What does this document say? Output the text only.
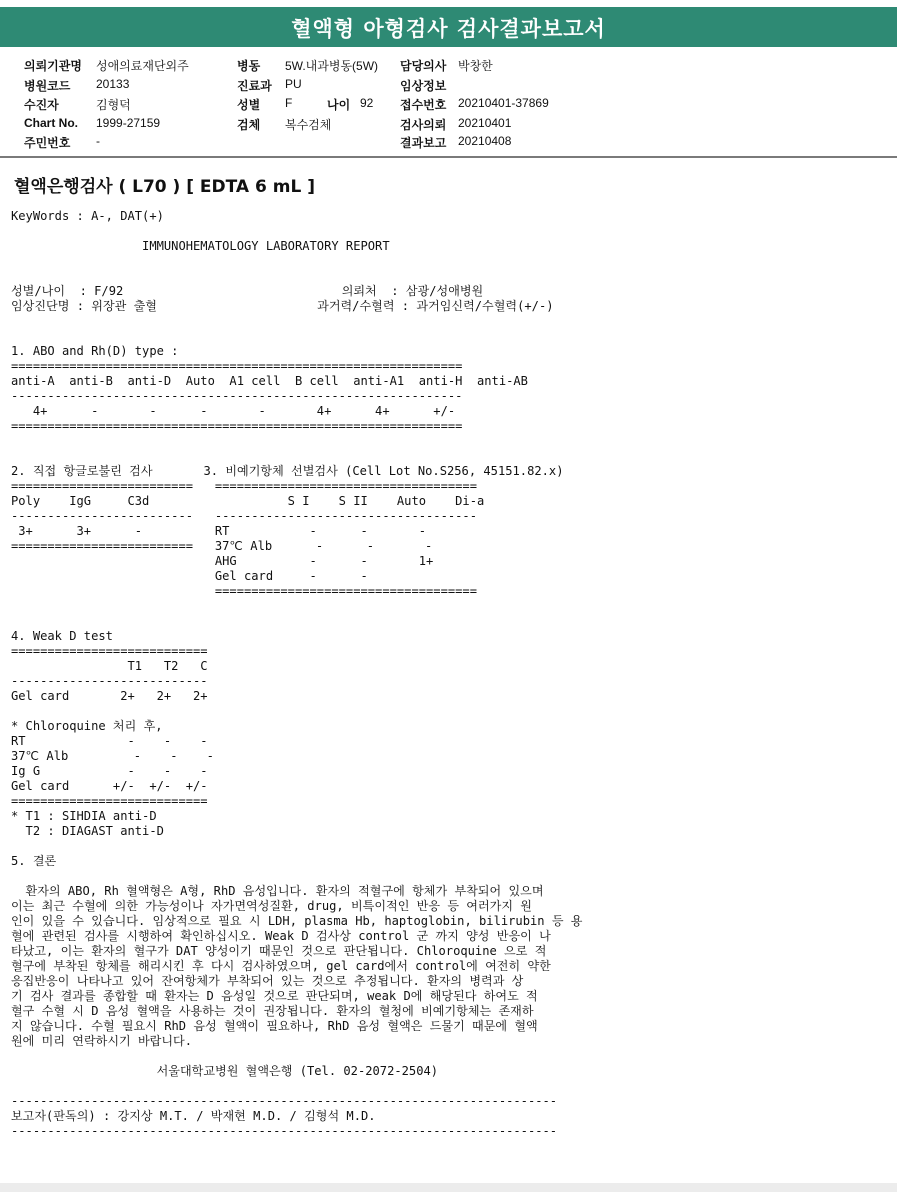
혈액형 아형검사 검사결과보고서
의뢰기관명 성애의료재단외주
병원코드 20133
수진자	김형덕
Chart No. 1999-27159
주민번호 -
병동 5W.내과병동(5W)
진료과 PU
성별 F	나이 92
검체 복수검체
담당의사 박창한
임상정보
접수번호 20210401-37869
검사의뢰 20210401
결과보고 20210408
혈액은행검사 ( L70 ) [ EDTA 6 mL ]
KeyWords : A-, DAT(+)

IMMUNOHEMATOLOGY LABORATORY REPORT

성별/나이  : F/92                              의뢰처  : 삼광/성애병원
임상진단명 : 위장관 출혈                      과거력/수혈력 : 과거임신력/수혈력(+/-)

1. ABO and Rh(D) type :
==============================================================
anti-A  anti-B  anti-D  Auto  A1 cell  B cell  anti-A1  anti-H  anti-AB
--------------------------------------------------------------
4+      -       -      -       -       4+      4+      +/-
==============================================================

2. 직접 항글로불린 검사       3. 비예기항체 선별검사 (Cell Lot No.S256, 45151.82.x)
=========================   ====================================
Poly    IgG     C3d                   S I    S II    Auto    Di-a
-------------------------   ------------------------------------
3+      3+      -          RT           -      -       -
=========================   37℃ Alb      -      -       -
AHG          -      -       1+
Gel card     -      -
====================================

4. Weak D test
===========================
T1   T2   C
---------------------------
Gel card       2+   2+   2+

* Chloroquine 처리 후,
RT              -    -    -
37℃ Alb         -    -    -
Ig G            -    -    -
Gel card      +/-  +/-  +/-
===========================
* T1 : SIHDIA anti-D
T2 : DIAGAST anti-D

5. 결론

환자의 ABO, Rh 혈액형은 A형, RhD 음성입니다. 환자의 적혈구에 항체가 부착되어 있으며
이는 최근 수혈에 의한 가능성이나 자가면역성질환, drug, 비특이적인 반응 등 여러가지 원
인이 있을 수 있습니다. 임상적으로 필요 시 LDH, plasma Hb, haptoglobin, bilirubin 등 용
혈에 관련된 검사를 시행하여 확인하십시오. Weak D 검사상 control 군 까지 양성 반응이 나
타났고, 이는 환자의 혈구가 DAT 양성이기 때문인 것으로 판단됩니다. Chloroquine 으로 적
혈구에 부착된 항체를 해리시킨 후 다시 검사하였으며, gel card에서 control에 여전히 약한
응집반응이 나타나고 있어 잔여항체가 부착되어 있는 것으로 추정됩니다. 환자의 병력과 상
기 검사 결과를 종합할 때 환자는 D 음성일 것으로 판단되며, weak D에 해당된다 하여도 적
혈구 수혈 시 D 음성 혈액을 사용하는 것이 권장됩니다. 환자의 혈청에 비예기항체는 존재하
지 않습니다. 수혈 필요시 RhD 음성 혈액이 필요하나, RhD 음성 혈액은 드물기 때문에 혈액
원에 미리 연락하시기 바랍니다.

서울대학교병원 혈액은행 (Tel. 02-2072-2504)

---------------------------------------------------------------------------
보고자(판독의) : 강지상 M.T. / 박재현 M.D. / 김형석 M.D.
---------------------------------------------------------------------------
